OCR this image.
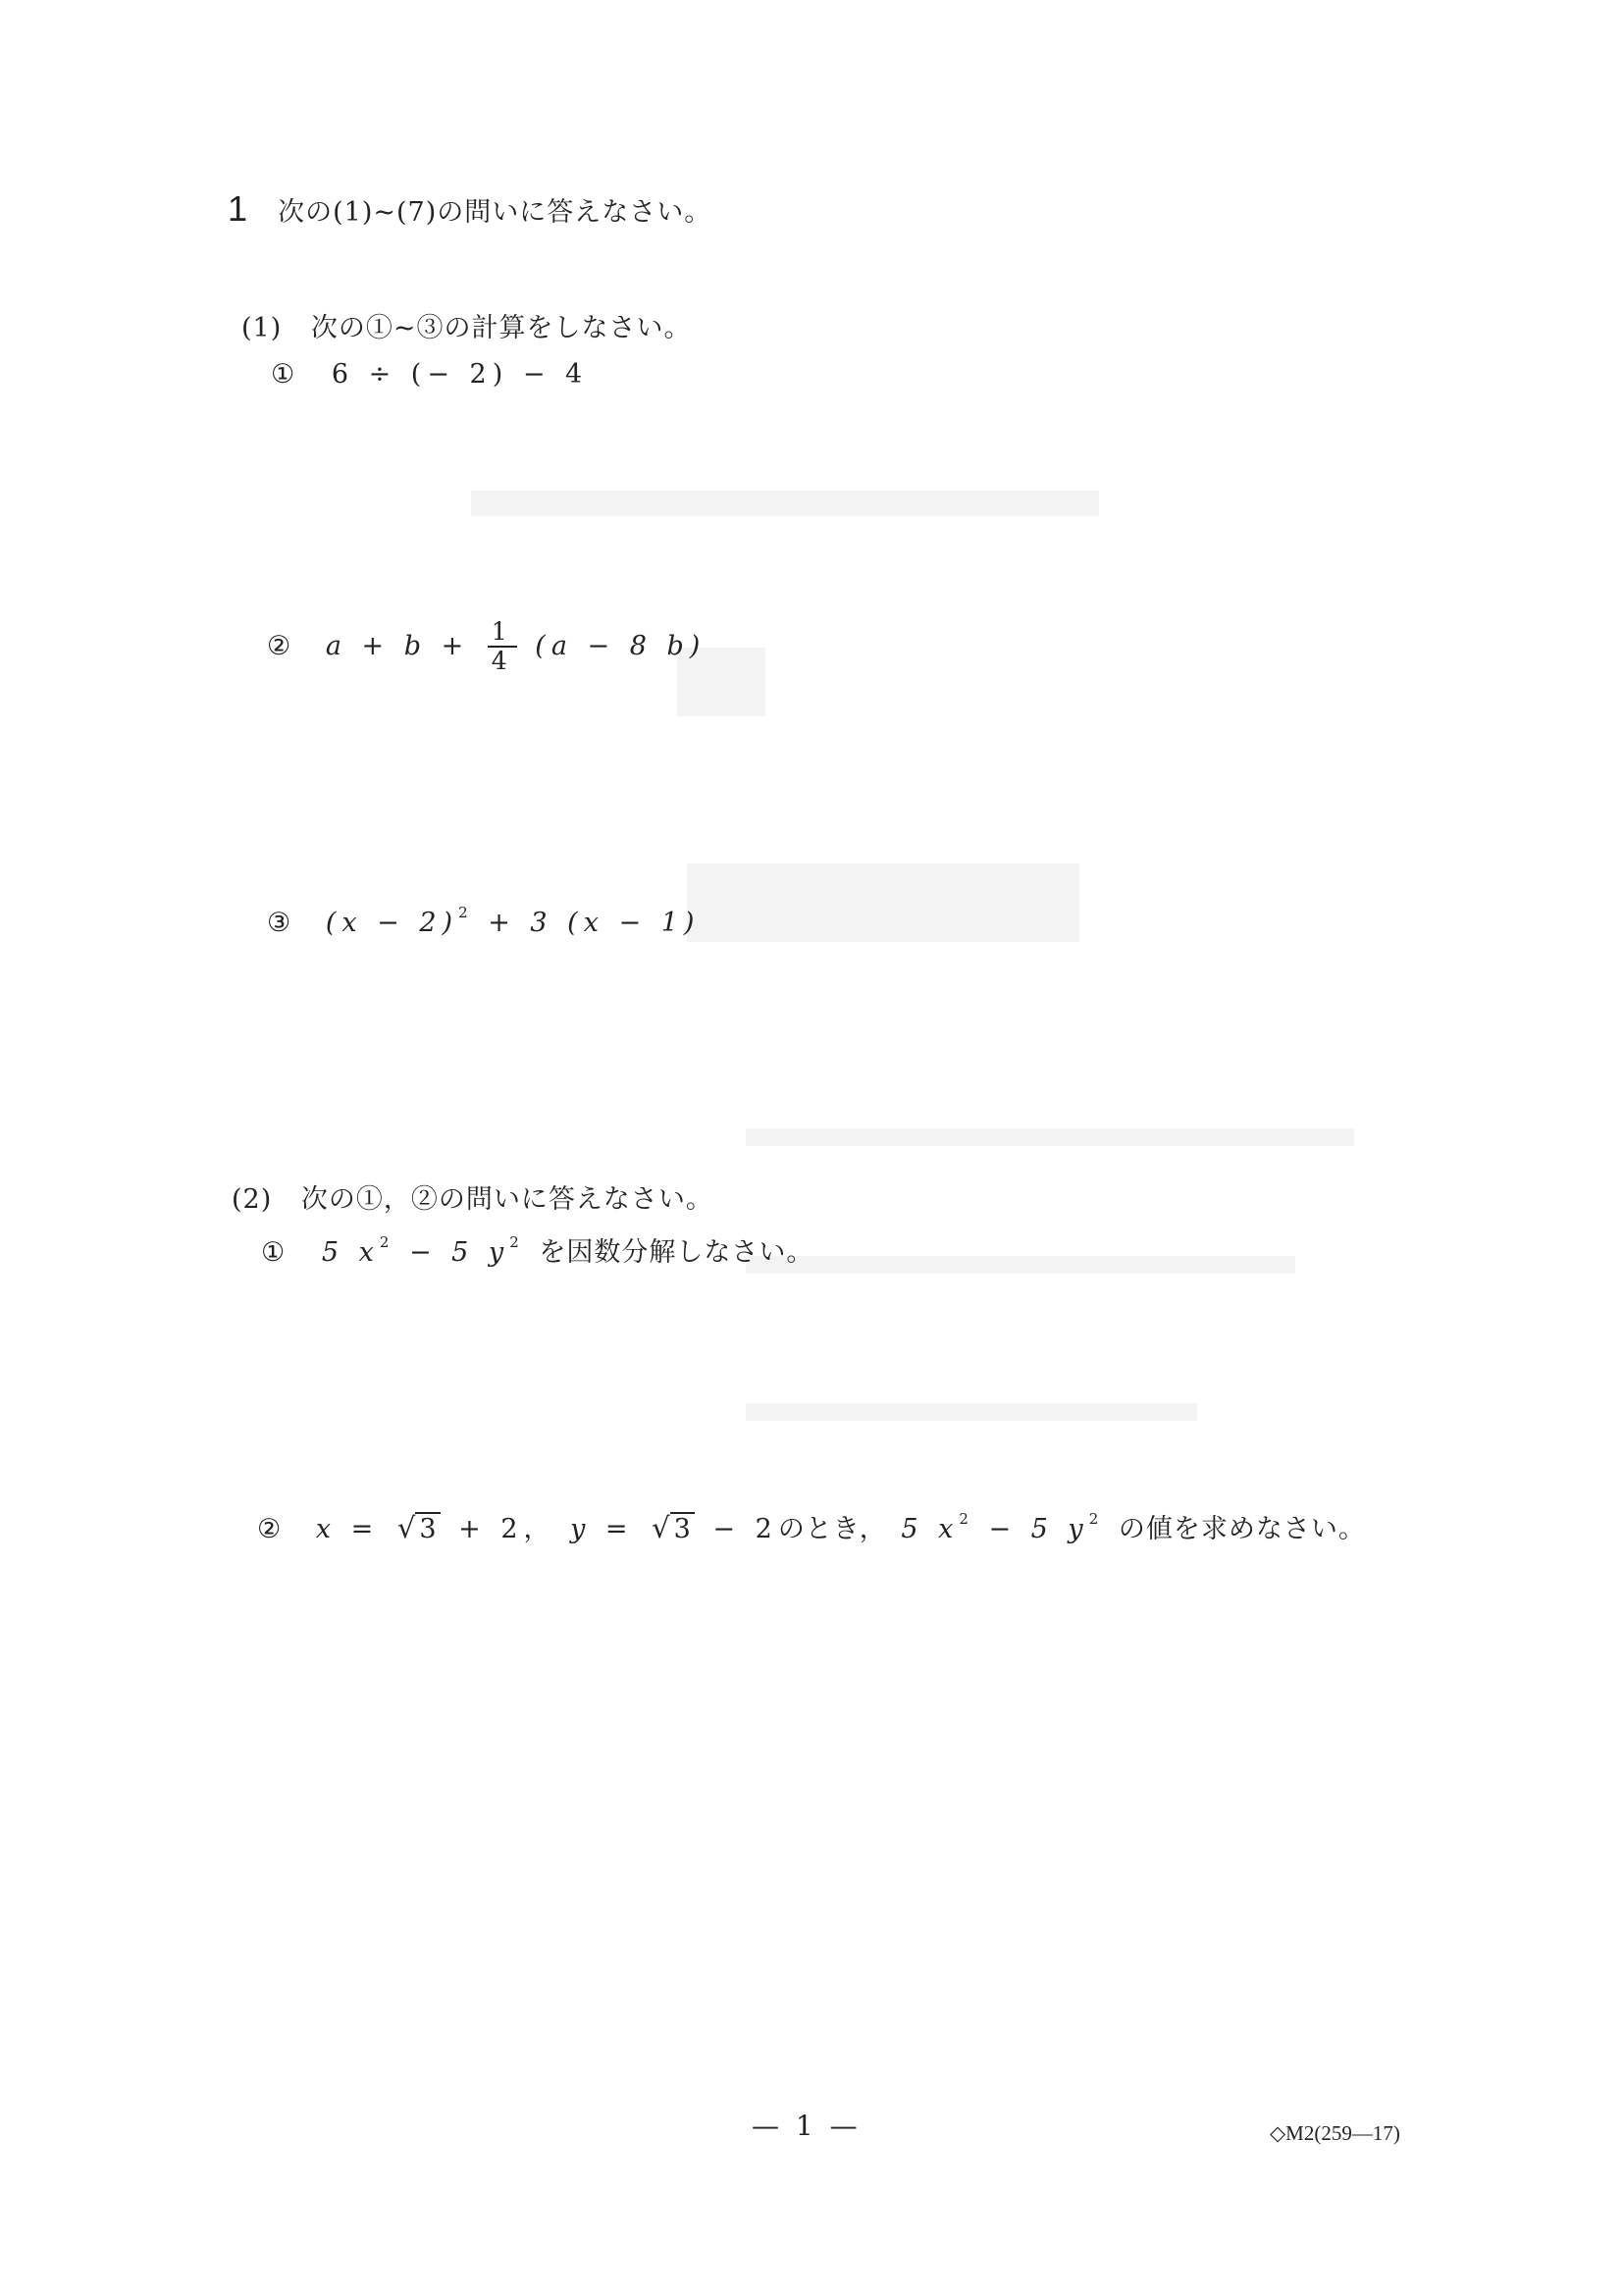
1 次の(1)~(7)の問いに答えなさい。
(1) 次の①~③の計算をしなさい。
① 6 ÷ (− 2) − 4
② $a + b + \frac{1}{4} (a - 8$ b)
③ $(x - 2)^2 + 3$ (x − 1)
(2) 次の①，②の問いに答えなさい。
① 5 $x^2 - 5$ $y^2$ を因数分解しなさい。
② x = √ 3 + 2， y = √ 3 − 2のとき， 5 $x^2 - 5$ $y^2$ の値を求めなさい。
— 1 —	◇M2(259—17)
